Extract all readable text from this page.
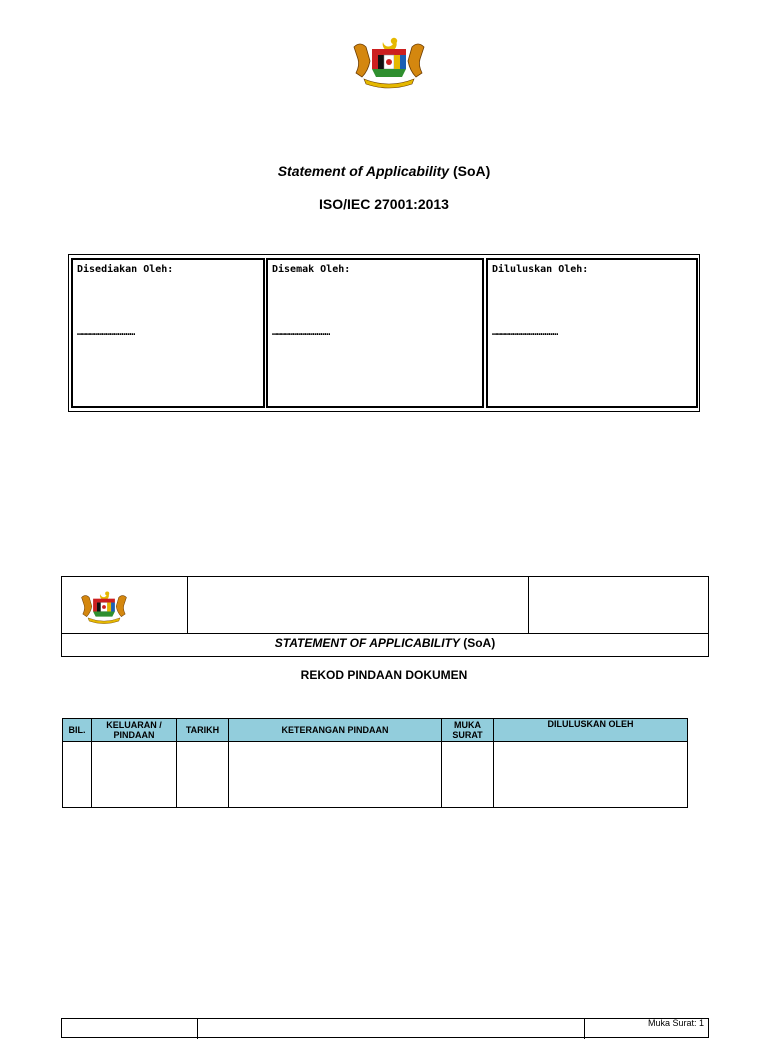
Statement of Applicability (SoA)
ISO/IEC 27001:2013
Disediakan Oleh:
……………………………………
Disemak Oleh:
……………………………………
Diluluskan Oleh:
…………………………………………
STATEMENT OF APPLICABILITY (SoA)
REKOD PINDAAN DOKUMEN
BIL.	KELUARAN / PINDAAN	TARIKH	KETERANGAN PINDAAN	MUKA SURAT	DILULUSKAN OLEH

Muka Surat: 1
